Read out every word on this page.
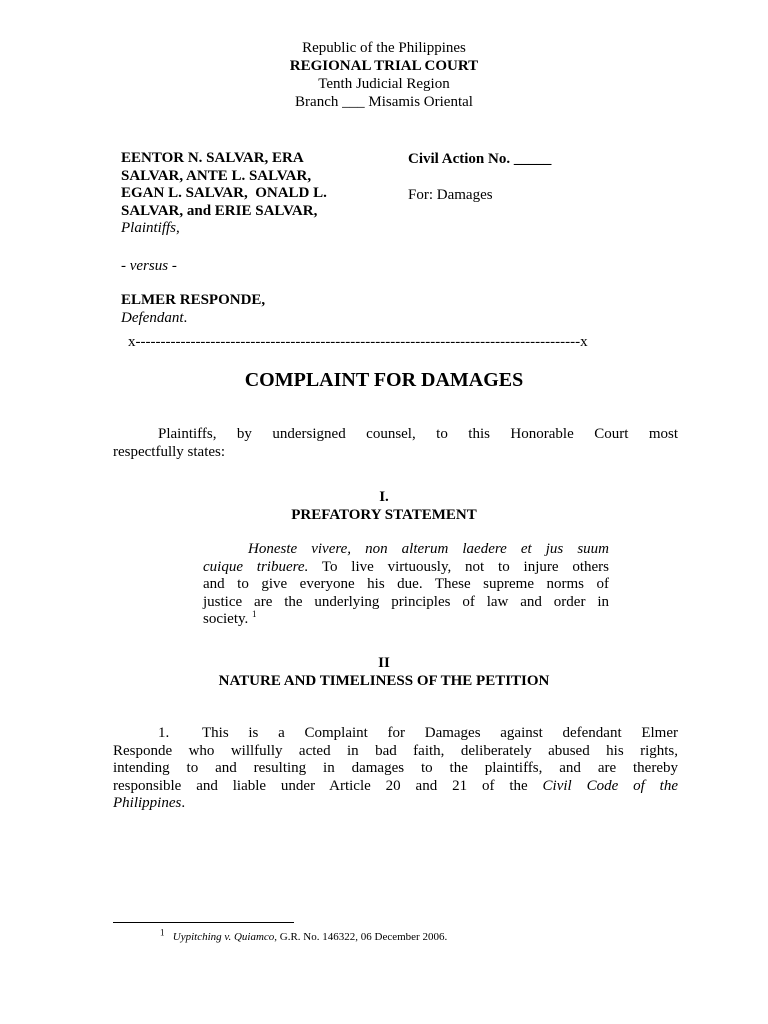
Republic of the Philippines
REGIONAL TRIAL COURT
Tenth Judicial Region
Branch ___ Misamis Oriental
EENTOR N. SALVAR, ERA
SALVAR, ANTE L. SALVAR,
EGAN L. SALVAR,  ONALD L.
SALVAR, and ERIE SALVAR,
Plaintiffs,
- versus -
ELMER RESPONDE,
Defendant.
Civil Action No. _____
For: Damages
x-----------------------------------------------------------------------------------------x
COMPLAINT FOR DAMAGES
Plaintiffs, by undersigned counsel, to this Honorable Court most
respectfully states:
I.
PREFATORY STATEMENT
Honeste vivere, non alterum laedere et jus suum
cuique tribuere. To live virtuously, not to injure others
and to give everyone his due. These supreme norms of
justice are the underlying principles of law and order in
society. $^1$
II
NATURE AND TIMELINESS OF THE PETITION
1. This is a Complaint for Damages against defendant Elmer
Responde who willfully acted in bad faith, deliberately abused his rights,
intending to and resulting in damages to the plaintiffs, and are thereby
responsible and liable under Article 20 and 21 of the Civil Code of the
Philippines.
$^1$ Uypitching v. Quiamco, G.R. No. 146322, 06 December 2006.
